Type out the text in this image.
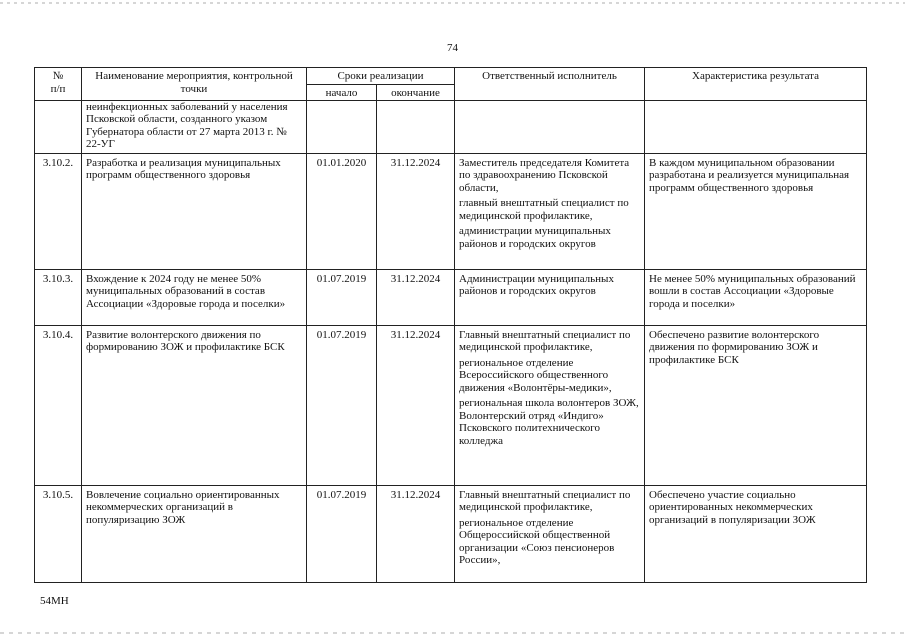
74
№
п/п	Наименование мероприятия, контрольной точки	Сроки реализации		Ответственный исполнитель	Характеристика результата
		начало	окончание		
	неинфекционных заболеваний у населения Псковской области, созданного указом Губернатора области от 27 марта 2013 г. № 22-УГ				
3.10.2.	Разработка и реализация муниципальных программ общественного здоровья	01.01.2020	31.12.2024	Заместитель председателя Комитета по здравоохранению Псковской области,
главный внештатный специалист по медицинской профилактике,
администрации муниципальных районов и городских округов	В каждом муниципальном образовании разработана и реализуется муниципальная программ общественного здоровья
3.10.3.	Вхождение к 2024 году не менее 50% муниципальных образований в состав Ассоциации «Здоровые города и поселки»	01.07.2019	31.12.2024	Администрации муниципальных районов и городских округов	Не менее 50% муниципальных образований вошли в состав Ассоциации «Здоровые города и поселки»
3.10.4.	Развитие волонтерского движения по формированию ЗОЖ и профилактике БСК	01.07.2019	31.12.2024	Главный внештатный специалист по медицинской профилактике,
региональное отделение Всероссийского общественного движения «Волонтёры-медики»,
региональная школа волонтеров ЗОЖ, Волонтерский отряд «Индиго» Псковского политехнического колледжа	Обеспечено развитие волонтерского движения по формированию ЗОЖ и профилактике БСК
3.10.5.	Вовлечение социально ориентированных некоммерческих организаций в популяризацию ЗОЖ	01.07.2019	31.12.2024	Главный внештатный специалист по медицинской профилактике,
региональное отделение Общероссийской общественной организации «Союз пенсионеров России»,	Обеспечено участие социально ориентированных некоммерческих организаций в популяризации ЗОЖ
54МН
